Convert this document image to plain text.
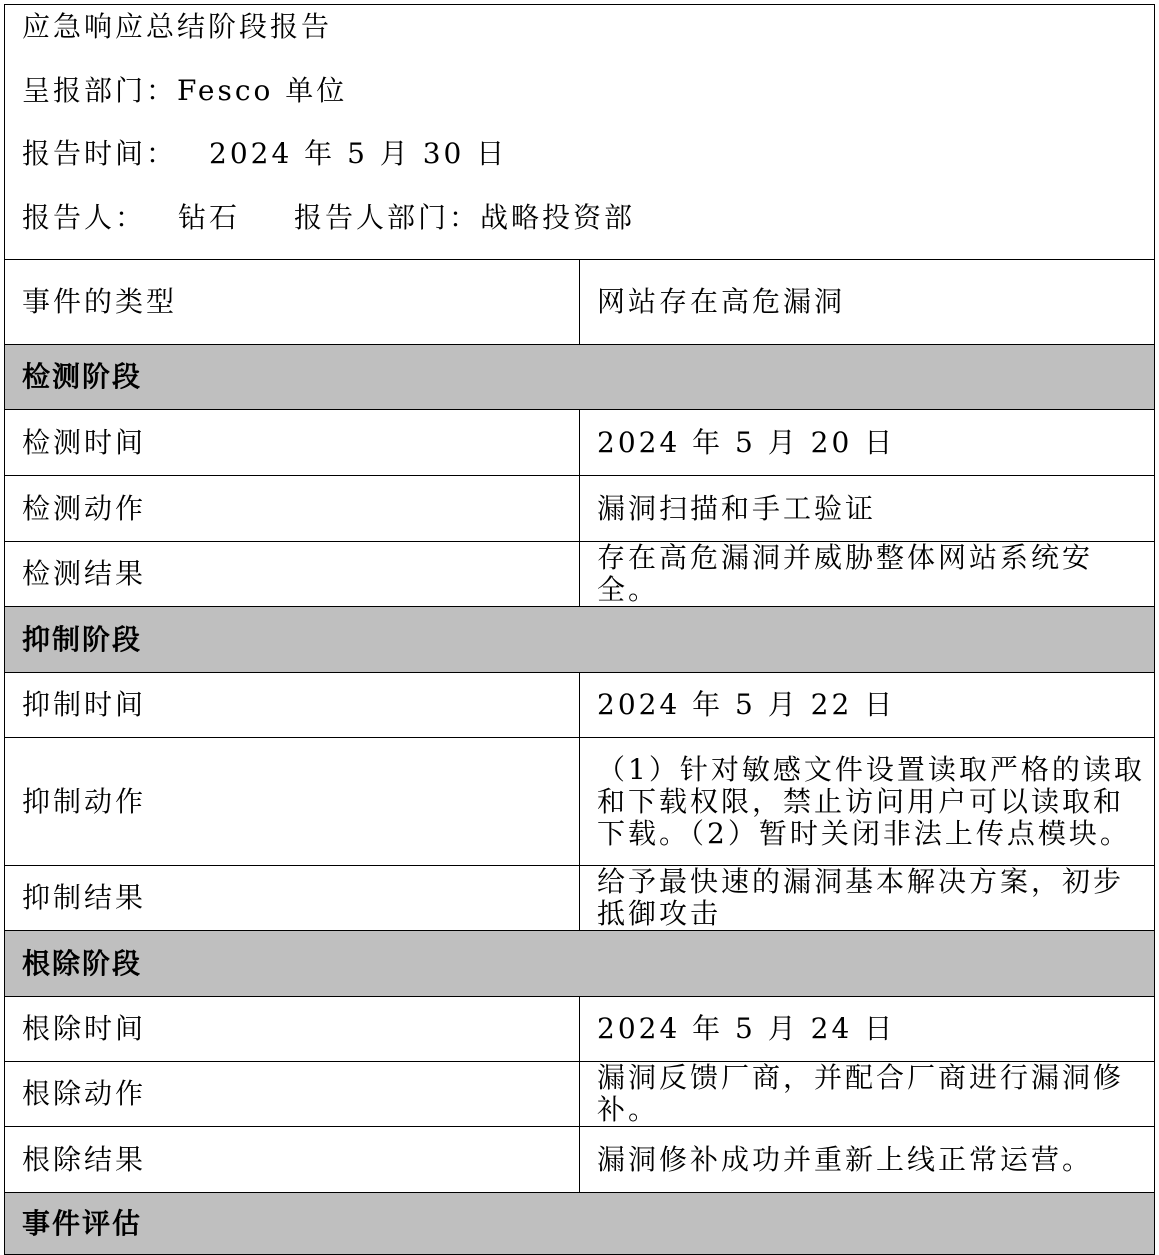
应急响应总结阶段报告
呈报部门：Fesco 单位
报告时间： 2024 年 5 月 30 日
报告人： 钻石 报告人部门：战略投资部	

事件的类型	网站存在高危漏洞
检测阶段	
检测时间	2024 年 5 月 20 日
检测动作	漏洞扫描和手工验证
检测结果	存在高危漏洞并威胁整体网站系统安全。
抑制阶段	
抑制时间	2024 年 5 月 22 日
抑制动作	（1）针对敏感文件设置读取严格的读取和下载权限，禁止访问用户可以读取和下载。（2）暂时关闭非法上传点模块。
抑制结果	给予最快速的漏洞基本解决方案，初步抵御攻击
根除阶段	
根除时间	2024 年 5 月 24 日
根除动作	漏洞反馈厂商，并配合厂商进行漏洞修补。
根除结果	漏洞修补成功并重新上线正常运营。
事件评估	
